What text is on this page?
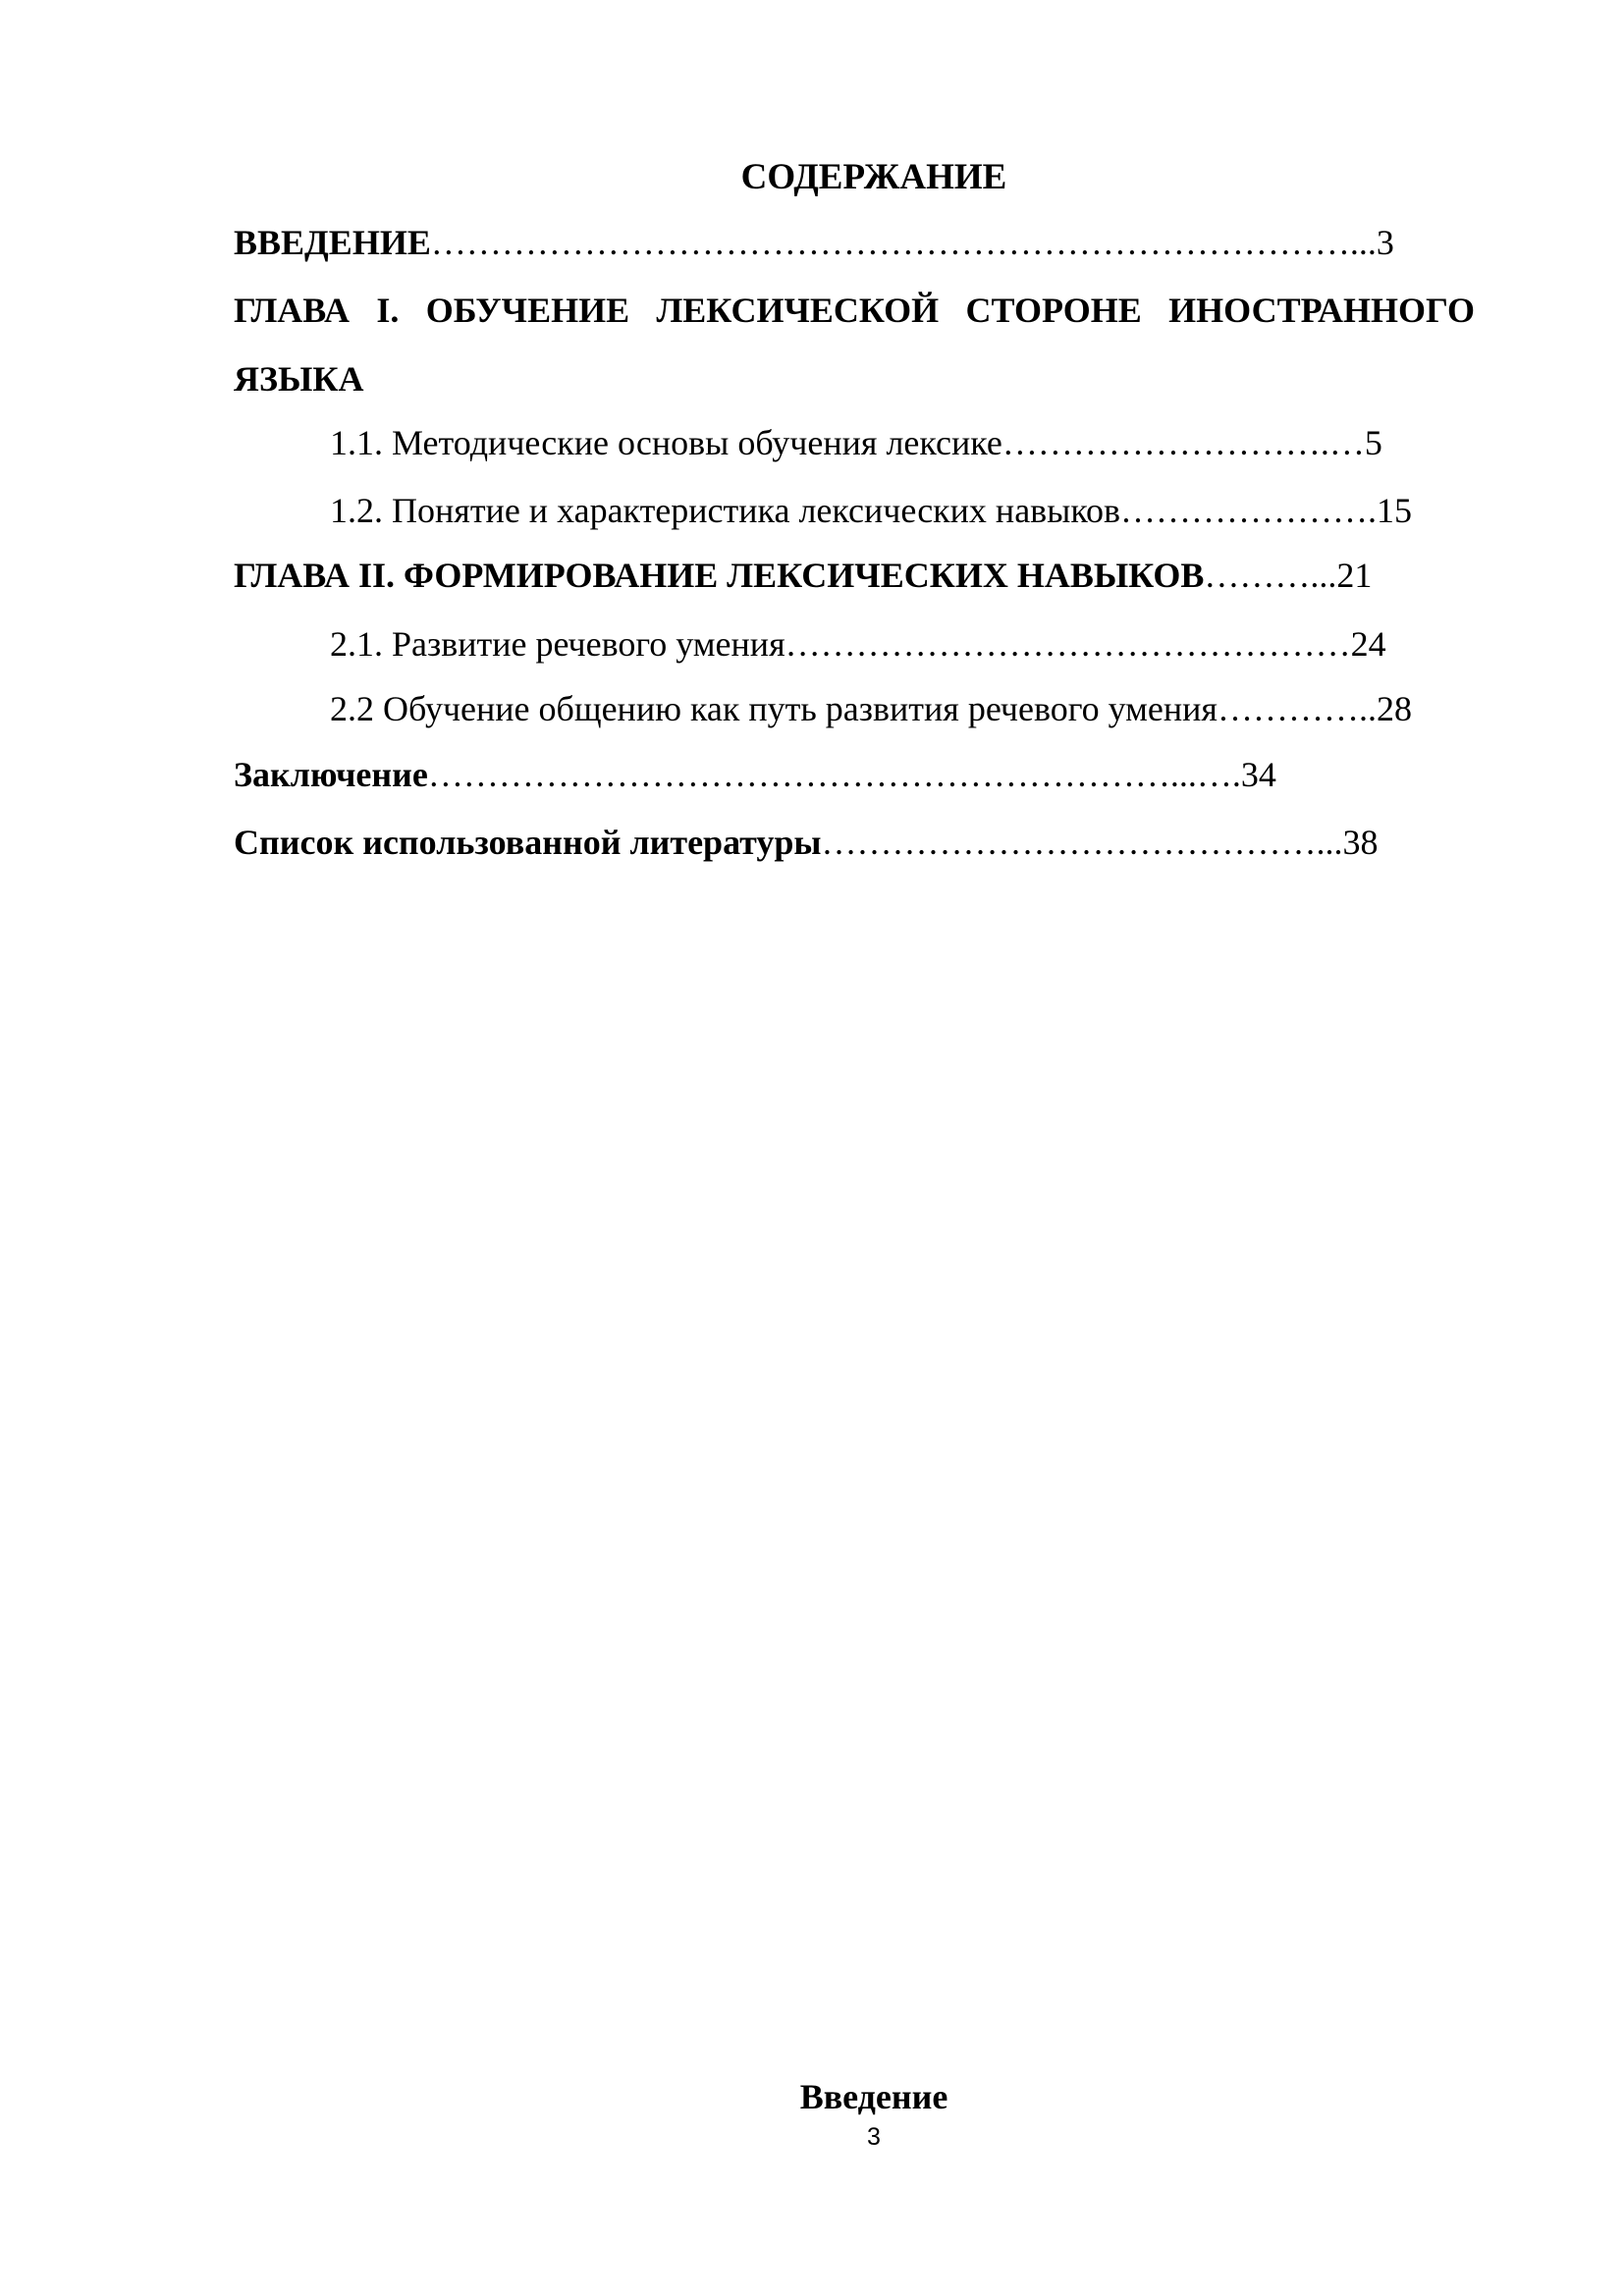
СОДЕРЖАНИЕ
ВВЕДЕНИЕ……………………………………………………………………...3
ГЛАВА I. ОБУЧЕНИЕ ЛЕКСИЧЕСКОЙ СТОРОНЕ ИНОСТРАННОГО
ЯЗЫКА
1.1. Методические основы обучения лексике……………………….…5
1.2. Понятие и характеристика лексических навыков………………….15
ГЛАВА II. ФОРМИРОВАНИЕ ЛЕКСИЧЕСКИХ НАВЫКОВ………...21
2.1. Развитие речевого умения…………………………………………24
2.2 Обучение общению как путь развития речевого умения…………..28
Заключение………………………………………………………...….34
Список использованной литературы……………………………………...38
Введение
3
